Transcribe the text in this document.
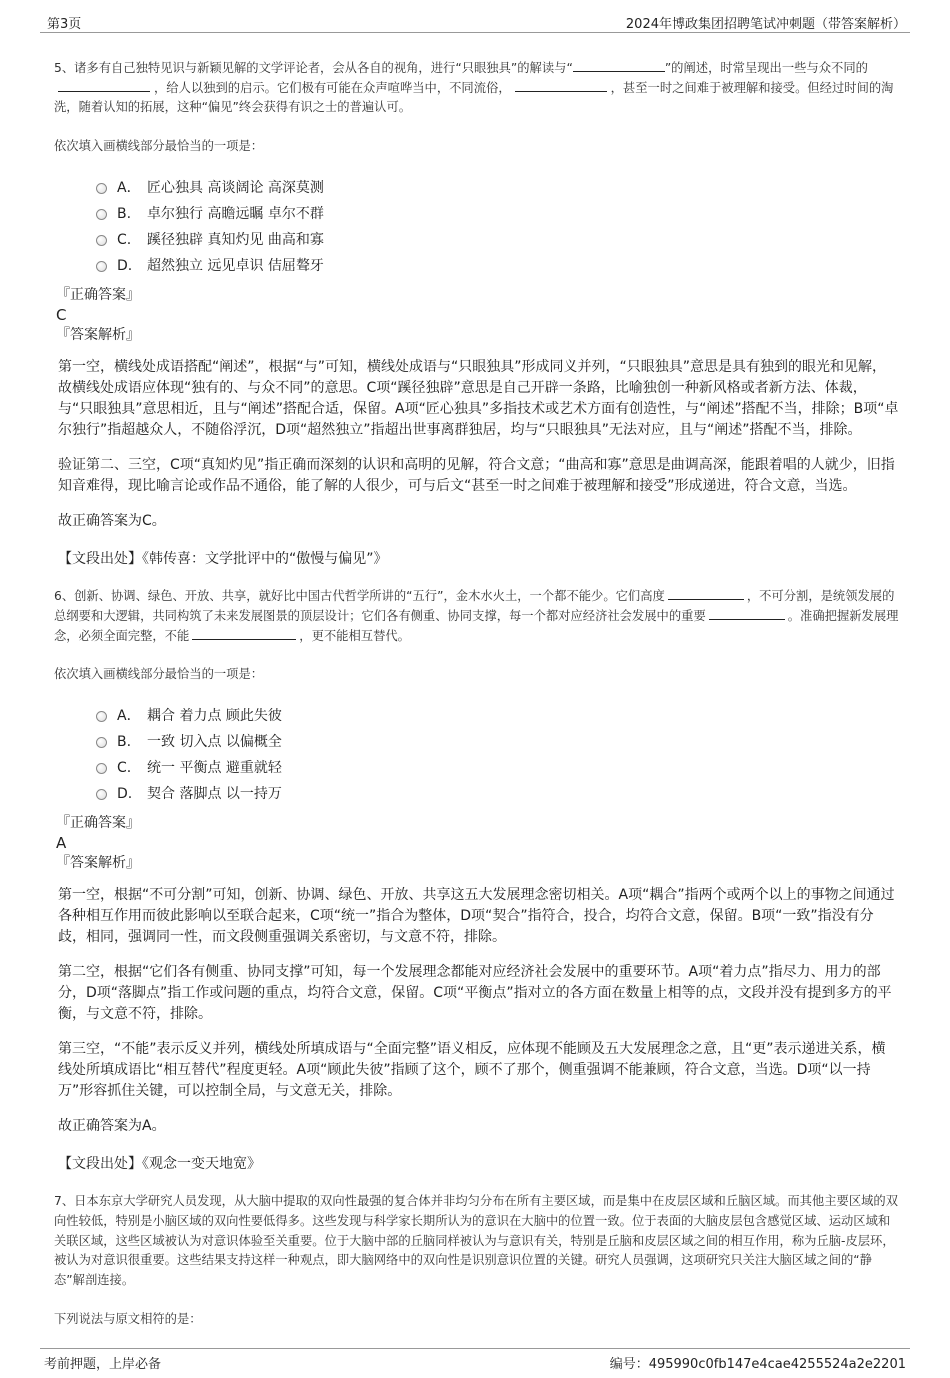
第3页	2024年博政集团招聘笔试冲刺题（带答案解析）

5、诸多有自己独特见识与新颖见解的文学评论者，会从各自的视角，进行“只眼独具”的解读与“	”的阐述，时常呈现出一些与众不同的，给人以独到的启示。它们极有可能在众声喧哗当中，不同流俗，	，甚至一时之间难于被理解和接受。但经过时间的淘洗，随着认知的拓展，这种“偏见”终会获得有识之士的普遍认可。

依次填入画横线部分最恰当的一项是：

A． 匠心独具 高谈阔论 高深莫测
B.	卓尔独行 高瞻远瞩 卓尔不群
C.	蹊径独辟 真知灼见 曲高和寡
D.	超然独立 远见卓识 佶屈聱牙
『正确答案』
C
『答案解析』

第一空，横线处成语搭配“阐述”，根据“与”可知，横线处成语与“只眼独具”形成同义并列，“只眼独具”意思是具有独到的眼光和见解，故横线处成语应体现“独有的、与众不同”的意思。C项“蹊径独辟”意思是自己开辟一条路，比喻独创一种新风格或者新方法、体裁，与“只眼独具”意思相近，且与“阐述”搭配合适，保留。A项“匠心独具”多指技术或艺术方面有创造性，与“阐述”搭配不当，排除；B项“卓尔独行”指超越众人，不随俗浮沉，D项“超然独立”指超出世事离群独居，均与“只眼独具”无法对应，且与“阐述”搭配不当，排除。

验证第二、三空，C项“真知灼见”指正确而深刻的认识和高明的见解，符合文意；“曲高和寡”意思是曲调高深，能跟着唱的人就少，旧指知音难得，现比喻言论或作品不通俗，能了解的人很少，可与后文“甚至一时之间难于被理解和接受”形成递进，符合文意，当选。

故正确答案为C。

【文段出处】《韩传喜：文学批评中的“傲慢与偏见”》

6、创新、协调、绿色、开放、共享，就好比中国古代哲学所讲的“五行”，金木水火土，一个都不能少。它们高度	，不可分割，是统领发展的总纲要和大逻辑，共同构筑了未来发展图景的顶层设计；它们各有侧重、协同支撑，每一个都对应经济社会发展中的重要	。准确把握新发展理念，必须全面完整，不能	，更不能相互替代。

依次填入画横线部分最恰当的一项是：

A． 耦合 着力点 顾此失彼
B.	一致 切入点 以偏概全
C.	统一 平衡点 避重就轻
D.	契合 落脚点 以一持万
『正确答案』
A
『答案解析』

第一空，根据“不可分割”可知，创新、协调、绿色、开放、共享这五大发展理念密切相关。A项“耦合”指两个或两个以上的事物之间通过各种相互作用而彼此影响以至联合起来，C项“统一”指合为整体，D项“契合”指符合，投合，均符合文意，保留。B项“一致”指没有分歧，相同，强调同一性，而文段侧重强调关系密切，与文意不符，排除。

第二空，根据“它们各有侧重、协同支撑”可知，每一个发展理念都能对应经济社会发展中的重要环节。A项“着力点”指尽力、用力的部分，D项“落脚点”指工作或问题的重点，均符合文意，保留。C项“平衡点”指对立的各方面在数量上相等的点，文段并没有提到多方的平衡，与文意不符，排除。

第三空，“不能”表示反义并列，横线处所填成语与“全面完整”语义相反，应体现不能顾及五大发展理念之意，且“更”表示递进关系，横线处所填成语比“相互替代”程度更轻。A项“顾此失彼”指顾了这个，顾不了那个，侧重强调不能兼顾，符合文意，当选。D项“以一持万”形容抓住关键，可以控制全局，与文意无关，排除。

故正确答案为A。

【文段出处】《观念一变天地宽》

7、日本东京大学研究人员发现，从大脑中提取的双向性最强的复合体并非均匀分布在所有主要区域，而是集中在皮层区域和丘脑区域。而其他主要区域的双向性较低，特别是小脑区域的双向性要低得多。这些发现与科学家长期所认为的意识在大脑中的位置一致。位于表面的大脑皮层包含感觉区域、运动区域和关联区域，这些区域被认为对意识体验至关重要。位于大脑中部的丘脑同样被认为与意识有关，特别是丘脑和皮层区域之间的相互作用，称为丘脑-皮层环，被认为对意识很重要。这些结果支持这样一种观点，即大脑网络中的双向性是识别意识位置的关键。研究人员强调，这项研究只关注大脑区域之间的“静态”解剖连接。

下列说法与原文相符的是：

考前押题，上岸必备	编号：495990c0fb147e4cae4255524a2e2201
